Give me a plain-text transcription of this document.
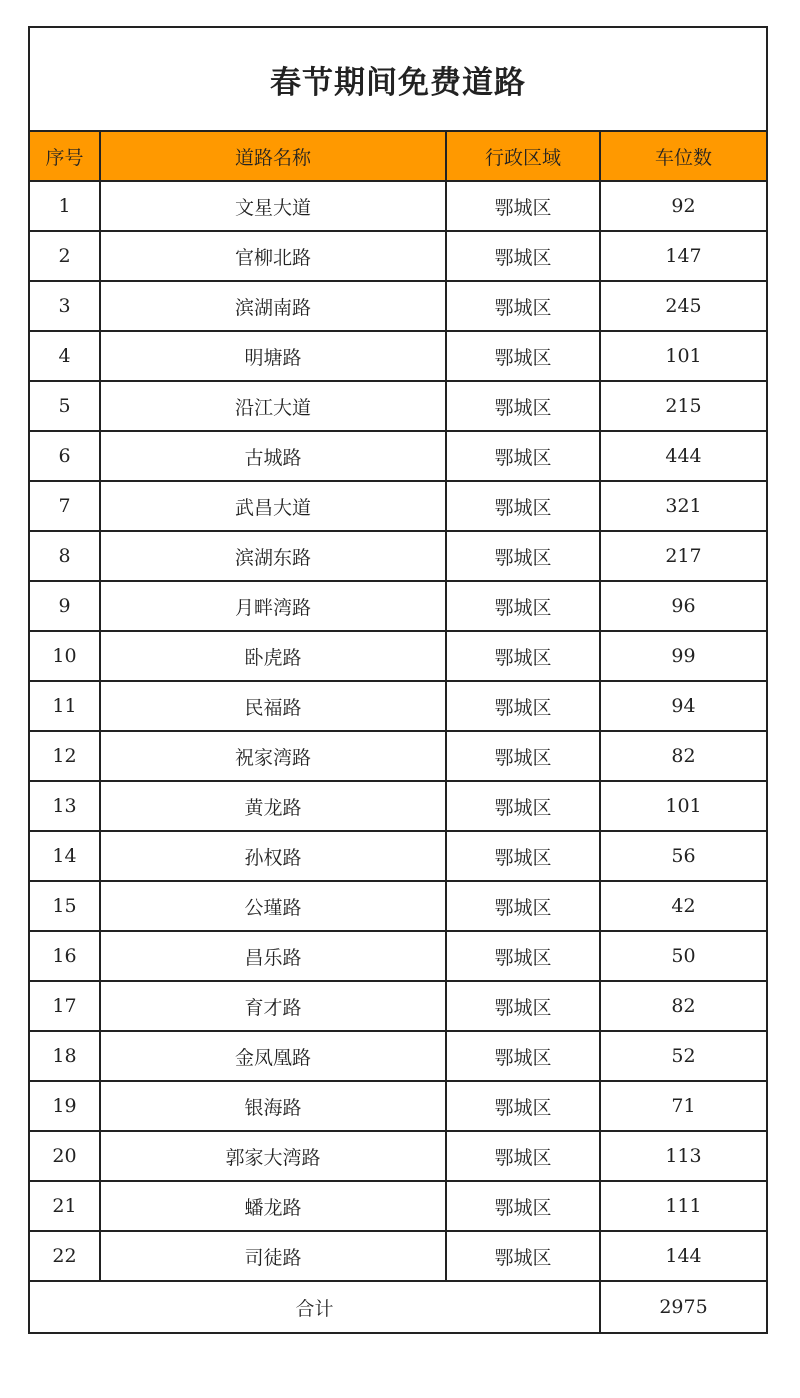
春节期间免费道路			
序号	道路名称	行政区域	车位数
1	文星大道	鄂城区	92
2	官柳北路	鄂城区	147
3	滨湖南路	鄂城区	245
4	明塘路	鄂城区	101
5	沿江大道	鄂城区	215
6	古城路	鄂城区	444
7	武昌大道	鄂城区	321
8	滨湖东路	鄂城区	217
9	月畔湾路	鄂城区	96
10	卧虎路	鄂城区	99
11	民福路	鄂城区	94
12	祝家湾路	鄂城区	82
13	黄龙路	鄂城区	101
14	孙权路	鄂城区	56
15	公瑾路	鄂城区	42
16	昌乐路	鄂城区	50
17	育才路	鄂城区	82
18	金凤凰路	鄂城区	52
19	银海路	鄂城区	71
20	郭家大湾路	鄂城区	113
21	蟠龙路	鄂城区	111
22	司徒路	鄂城区	144
合计			2975
